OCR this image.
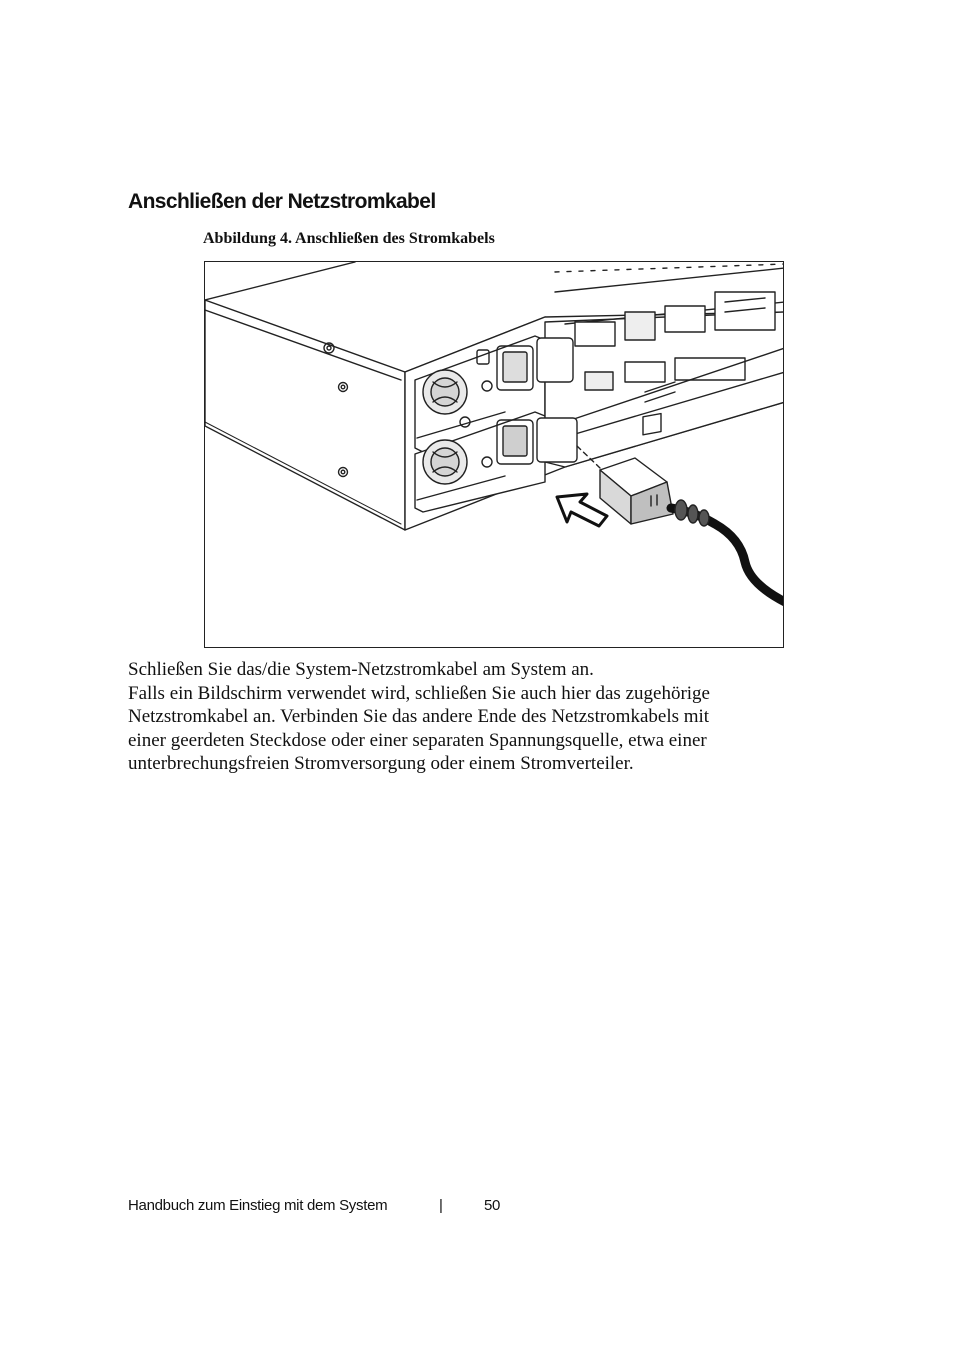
Anschließen der Netzstromkabel

Abbildung 4. Anschließen des Stromkabels

Schließen Sie das/die System-Netzstromkabel am System an.
Falls ein Bildschirm verwendet wird, schließen Sie auch hier das zugehörige
Netzstromkabel an. Verbinden Sie das andere Ende des Netzstromkabels mit
einer geerdeten Steckdose oder einer separaten Spannungsquelle, etwa einer
unterbrechungsfreien Stromversorgung oder einem Stromverteiler.

Handbuch zum Einstieg mit dem System	|	50
